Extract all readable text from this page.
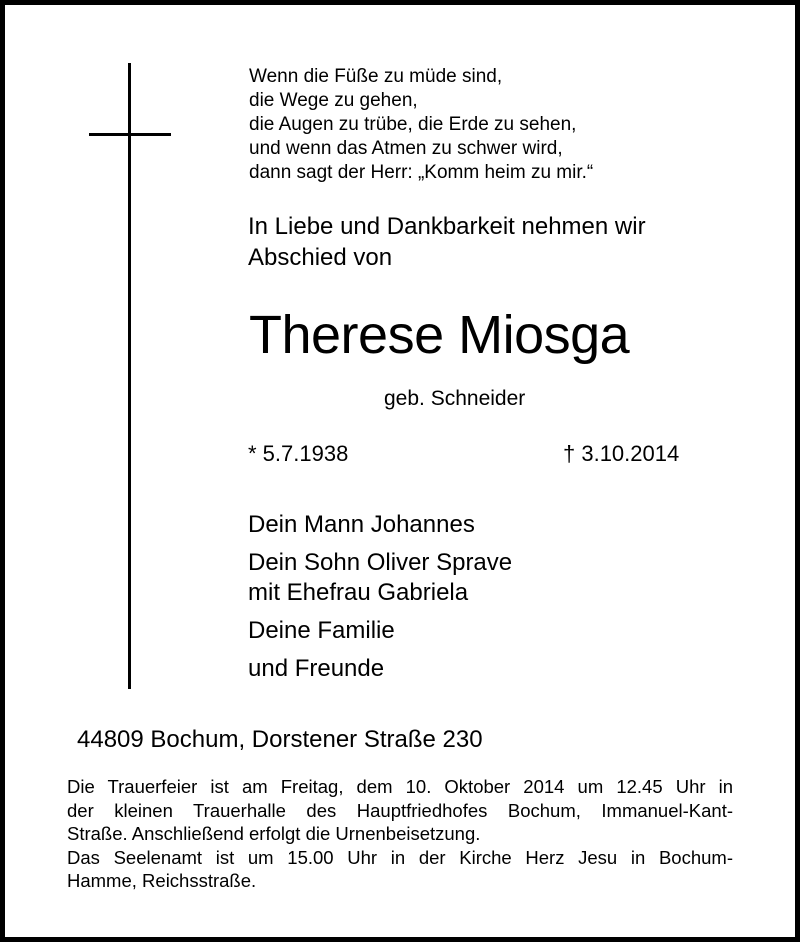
Wenn die Füße zu müde sind,
die Wege zu gehen,
die Augen zu trübe, die Erde zu sehen,
und wenn das Atmen zu schwer wird,
dann sagt der Herr: „Komm heim zu mir.“
In Liebe und Dankbarkeit nehmen wir
Abschied von
Therese Miosga
geb. Schneider
* 5.7.1938	† 3.10.2014
Dein Mann Johannes
Dein Sohn Oliver Sprave
mit Ehefrau Gabriela
Deine Familie
und Freunde
44809 Bochum, Dorstener Straße 230
Die Trauerfeier ist am Freitag, dem 10. Oktober 2014 um 12.45 Uhr in
der kleinen Trauerhalle des Hauptfriedhofes Bochum, Immanuel-Kant-
Straße. Anschließend erfolgt die Urnenbeisetzung.
Das Seelenamt ist um 15.00 Uhr in der Kirche Herz Jesu in Bochum-
Hamme, Reichsstraße.
